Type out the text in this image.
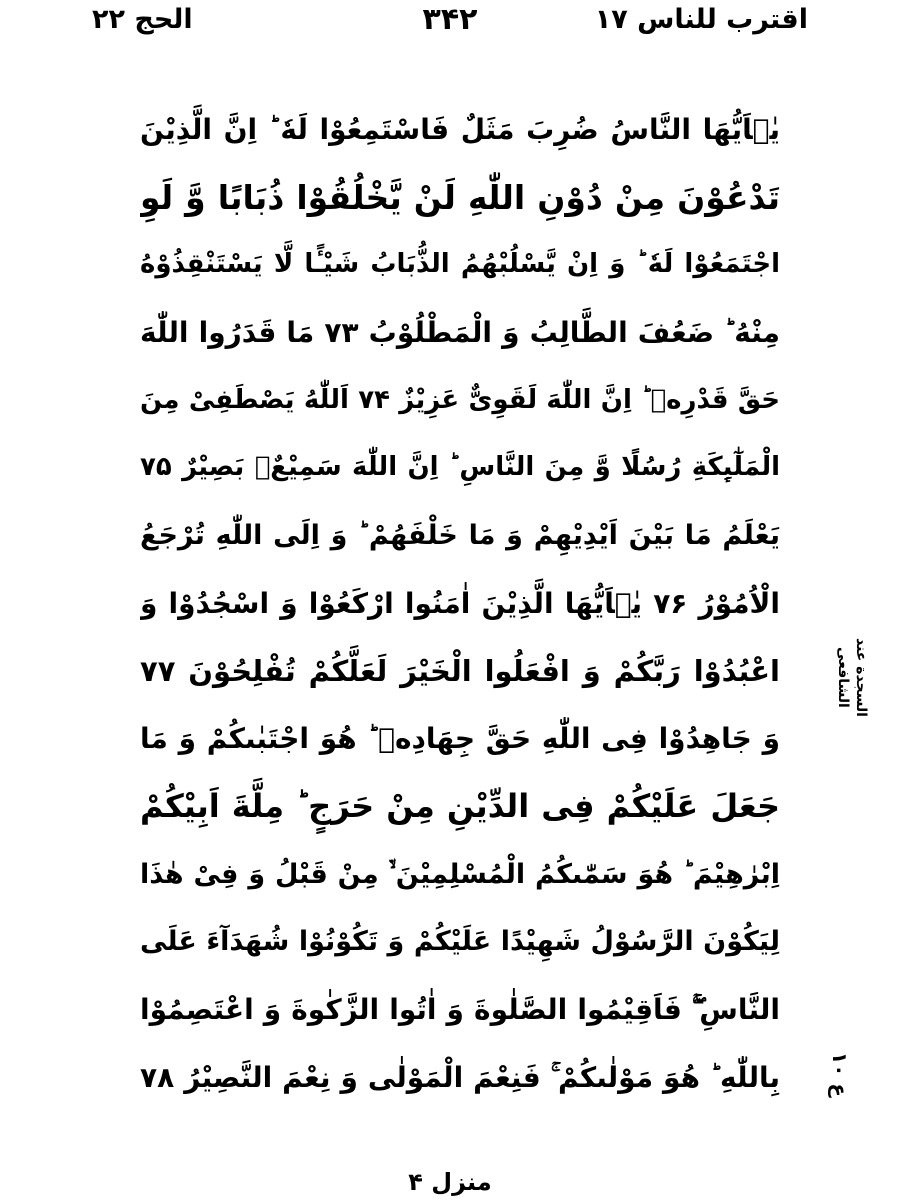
اقترب للناس ۱۷
۳۴۲
الحج ۲۲
یٰۤاَیُّهَا النَّاسُ ضُرِبَ مَثَلٌ فَاسْتَمِعُوْا لَهٗ ؕ اِنَّ الَّذِیْنَ
تَدْعُوْنَ مِنْ دُوْنِ اللّٰهِ لَنْ یَّخْلُقُوْا ذُبَابًا وَّ لَوِ
اجْتَمَعُوْا لَهٗ ؕ وَ اِنْ یَّسْلُبْهُمُ الذُّبَابُ شَیْـًٔا لَّا یَسْتَنْقِذُوْهُ
مِنْهُ ؕ ضَعُفَ الطَّالِبُ وَ الْمَطْلُوْبُ ۷۳ مَا قَدَرُوا اللّٰهَ
حَقَّ قَدْرِهٖ ؕ اِنَّ اللّٰهَ لَقَوِیٌّ عَزِیْزٌ ۷۴ اَللّٰهُ یَصْطَفِیْ مِنَ
الْمَلٰٓىِٕكَةِ رُسُلًا وَّ مِنَ النَّاسِ ؕ اِنَّ اللّٰهَ سَمِیْعٌۢ بَصِیْرٌ ۷۵
یَعْلَمُ مَا بَیْنَ اَیْدِیْهِمْ وَ مَا خَلْفَهُمْ ؕ وَ اِلَى اللّٰهِ تُرْجَعُ
الْاُمُوْرُ ۷۶ یٰۤاَیُّهَا الَّذِیْنَ اٰمَنُوا ارْكَعُوْا وَ اسْجُدُوْا وَ
اعْبُدُوْا رَبَّكُمْ وَ افْعَلُوا الْخَیْرَ لَعَلَّكُمْ تُفْلِحُوْنَ ۷۷
وَ جَاهِدُوْا فِی اللّٰهِ حَقَّ جِهَادِهٖ ؕ هُوَ اجْتَبٰىكُمْ وَ مَا
جَعَلَ عَلَیْكُمْ فِی الدِّیْنِ مِنْ حَرَجٍ ؕ مِلَّةَ اَبِیْكُمْ
اِبْرٰهِیْمَ ؕ هُوَ سَمّٰىكُمُ الْمُسْلِمِیْنَ ۙ۬ مِنْ قَبْلُ وَ فِیْ هٰذَا
لِیَكُوْنَ الرَّسُوْلُ شَهِیْدًا عَلَیْكُمْ وَ تَكُوْنُوْا شُهَدَآءَ عَلَى
النَّاسِ ۚۖ فَاَقِیْمُوا الصَّلٰوةَ وَ اٰتُوا الزَّكٰوةَ وَ اعْتَصِمُوْا
بِاللّٰهِ ؕ هُوَ مَوْلٰىكُمْ ۚ فَنِعْمَ الْمَوْلٰى وَ نِعْمَ النَّصِیْرُ ۷۸
السجدة عند الشافعی
ع ۱۰
منزل ۴
